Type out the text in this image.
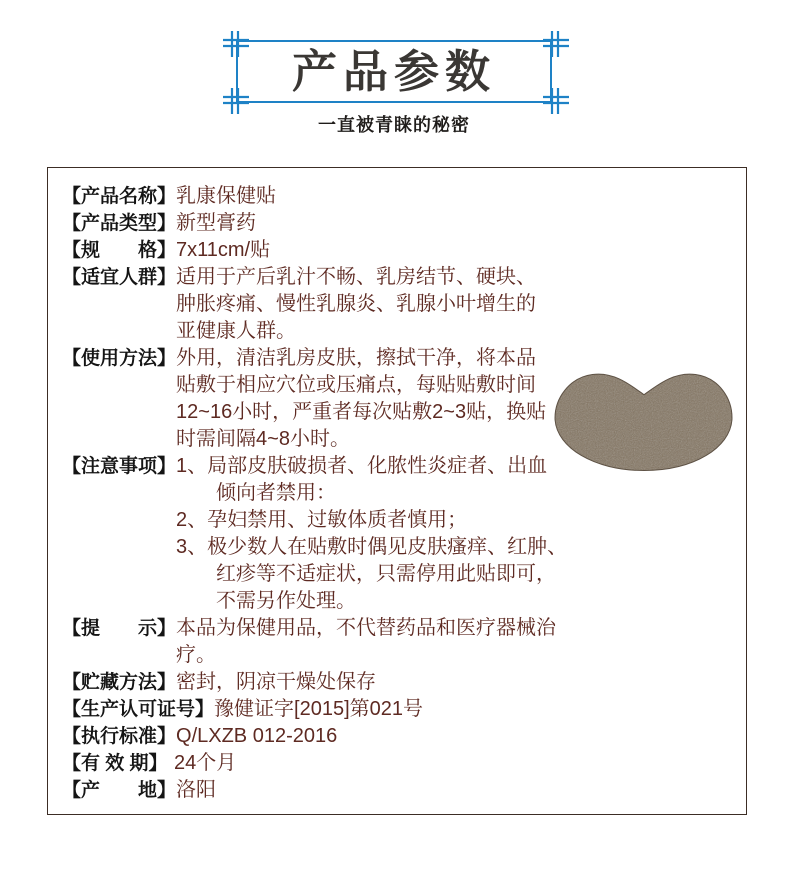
产品参数
一直被青睐的秘密
【产品名称】 乳康保健贴
【产品类型】 新型膏药
【规　　格】 7x11cm/贴
【适宜人群】 适用于产后乳汁不畅、乳房结节、硬块、
肿胀疼痛、慢性乳腺炎、乳腺小叶增生的
亚健康人群。
【使用方法】 外用，清洁乳房皮肤，擦拭干净，将本品
贴敷于相应穴位或压痛点，每贴贴敷时间
12~16小时，严重者每次贴敷2~3贴，换贴
时需间隔4~8小时。
【注意事项】 1、局部皮肤破损者、化脓性炎症者、出血
　　倾向者禁用：
2、孕妇禁用、过敏体质者慎用；
3、极少数人在贴敷时偶见皮肤瘙痒、红肿、
　　红疹等不适症状，只需停用此贴即可，
　　不需另作处理。
【提　　示】 本品为保健用品，不代替药品和医疗器械治
疗。
【贮藏方法】 密封，阴凉干燥处保存
【生产认可证号】 豫健证字[2015]第021号
【执行标准】 Q/LXZB 012-2016
【有 效 期】 24个月
【产　　地】 洛阳
